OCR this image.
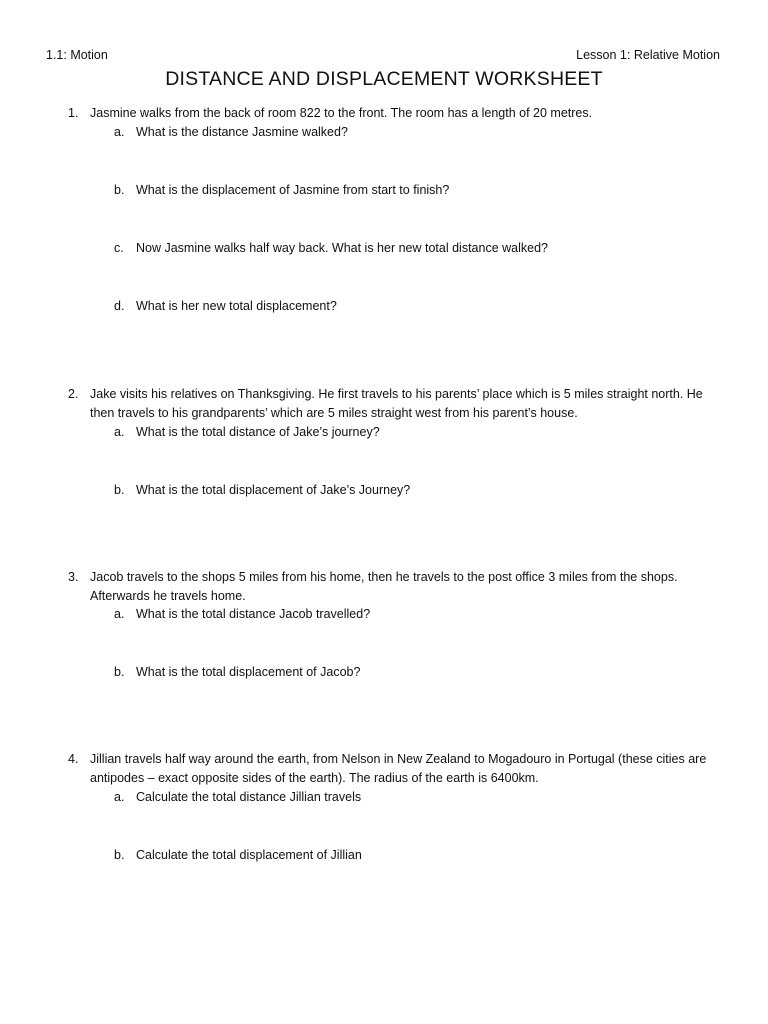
1.1: Motion	Lesson 1: Relative Motion
DISTANCE AND DISPLACEMENT WORKSHEET
1. Jasmine walks from the back of room 822 to the front. The room has a length of 20 metres.
a. What is the distance Jasmine walked?
b. What is the displacement of Jasmine from start to finish?
c. Now Jasmine walks half way back. What is her new total distance walked?
d. What is her new total displacement?
2. Jake visits his relatives on Thanksgiving. He first travels to his parents’ place which is 5 miles straight north. He then travels to his grandparents’ which are 5 miles straight west from his parent’s house.
a. What is the total distance of Jake’s journey?
b. What is the total displacement of Jake’s Journey?
3. Jacob travels to the shops 5 miles from his home, then he travels to the post office 3 miles from the shops. Afterwards he travels home.
a. What is the total distance Jacob travelled?
b. What is the total displacement of Jacob?
4. Jillian travels half way around the earth, from Nelson in New Zealand to Mogadouro in Portugal (these cities are antipodes – exact opposite sides of the earth). The radius of the earth is 6400km.
a. Calculate the total distance Jillian travels
b. Calculate the total displacement of Jillian
